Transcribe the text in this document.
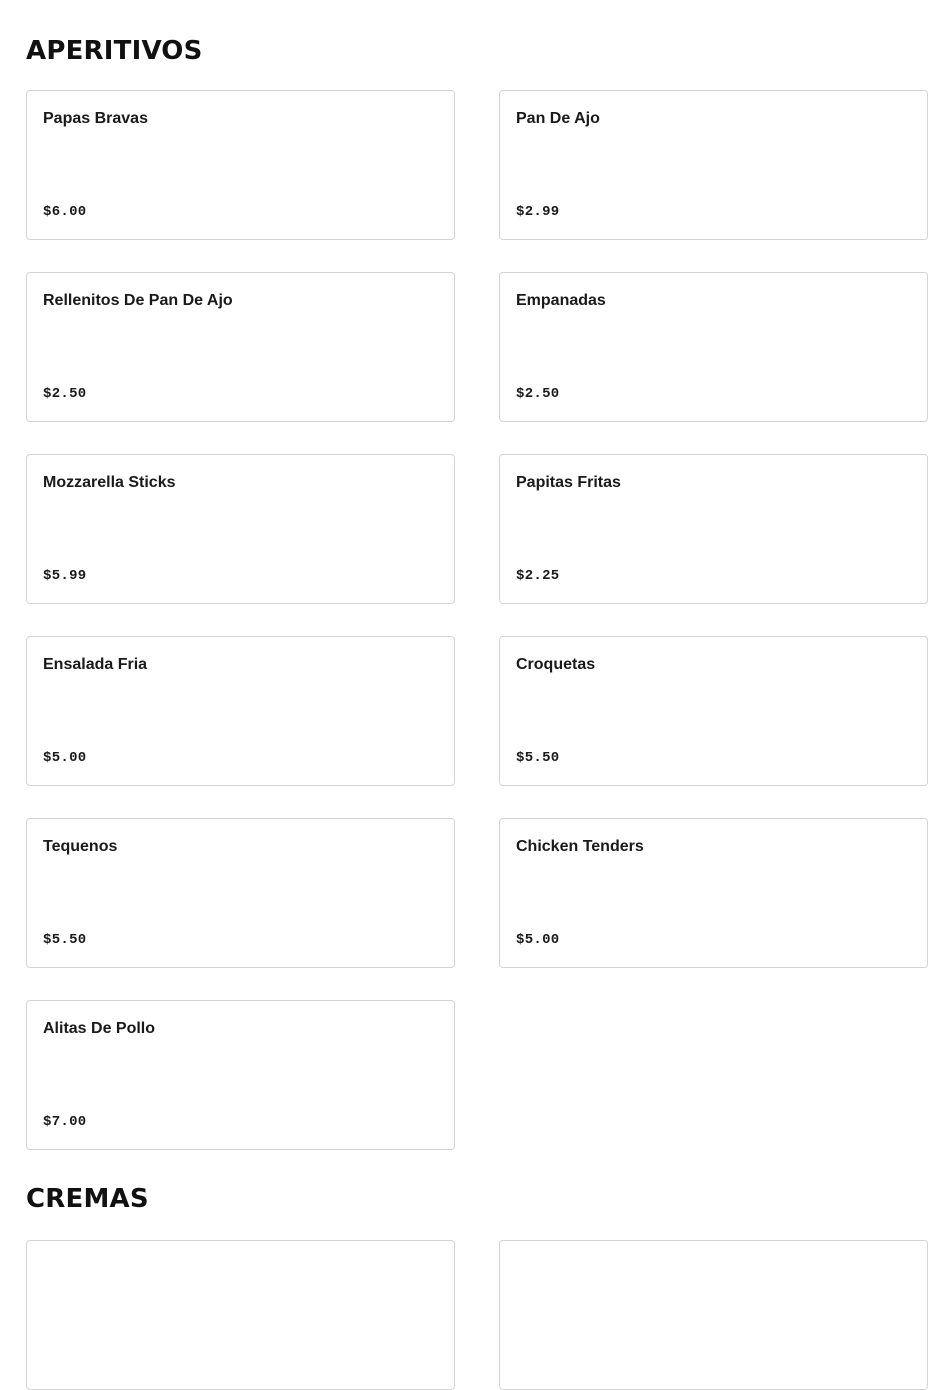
APERITIVOS
Papas Bravas
$6.00
Pan De Ajo
$2.99
Rellenitos De Pan De Ajo
$2.50
Empanadas
$2.50
Mozzarella Sticks
$5.99
Papitas Fritas
$2.25
Ensalada Fria
$5.00
Croquetas
$5.50
Tequenos
$5.50
Chicken Tenders
$5.00
Alitas De Pollo
$7.00
CREMAS
